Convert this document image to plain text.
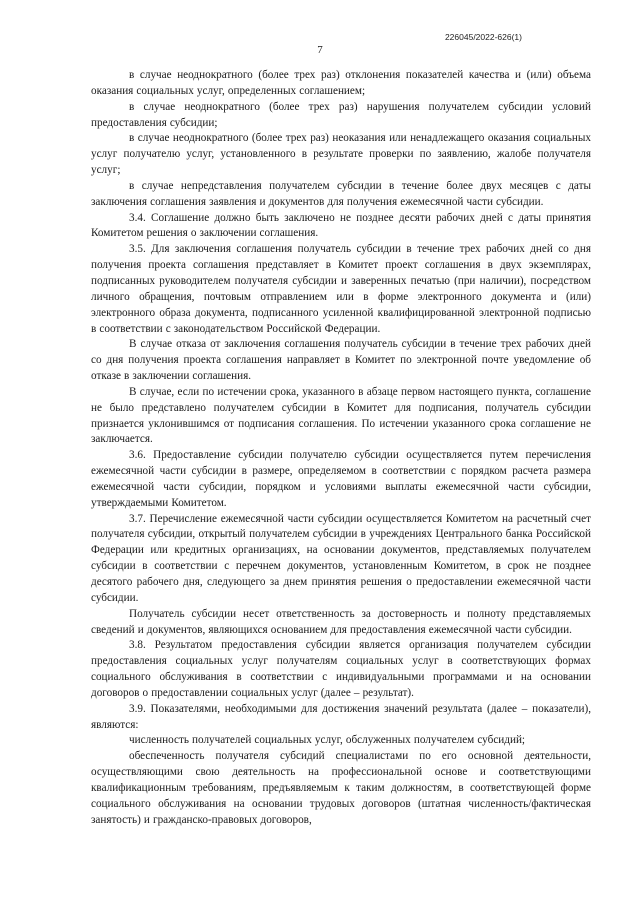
226045/2022-626(1)
7

в случае неоднократного (более трех раз) отклонения показателей качества и (или) объема оказания социальных услуг, определенных соглашением;

в случае неоднократного (более трех раз) нарушения получателем субсидии условий предоставления субсидии;

в случае неоднократного (более трех раз) неоказания или ненадлежащего оказания социальных услуг получателю услуг, установленного в результате проверки по заявлению, жалобе получателя услуг;

в случае непредставления получателем субсидии в течение более двух месяцев с даты заключения соглашения заявления и документов для получения ежемесячной части субсидии.

3.4. Соглашение должно быть заключено не позднее десяти рабочих дней с даты принятия Комитетом решения о заключении соглашения.

3.5. Для заключения соглашения получатель субсидии в течение трех рабочих дней со дня получения проекта соглашения представляет в Комитет проект соглашения в двух экземплярах, подписанных руководителем получателя субсидии и заверенных печатью (при наличии), посредством личного обращения, почтовым отправлением или в форме электронного документа и (или) электронного образа документа, подписанного усиленной квалифицированной электронной подписью в соответствии с законодательством Российской Федерации.

В случае отказа от заключения соглашения получатель субсидии в течение трех рабочих дней со дня получения проекта соглашения направляет в Комитет по электронной почте уведомление об отказе в заключении соглашения.

В случае, если по истечении срока, указанного в абзаце первом настоящего пункта, соглашение не было представлено получателем субсидии в Комитет для подписания, получатель субсидии признается уклонившимся от подписания соглашения. По истечении указанного срока соглашение не заключается.

3.6. Предоставление субсидии получателю субсидии осуществляется путем перечисления ежемесячной части субсидии в размере, определяемом в соответствии с порядком расчета размера ежемесячной части субсидии, порядком и условиями выплаты ежемесячной части субсидии, утверждаемыми Комитетом.

3.7. Перечисление ежемесячной части субсидии осуществляется Комитетом на расчетный счет получателя субсидии, открытый получателем субсидии в учреждениях Центрального банка Российской Федерации или кредитных организациях, на основании документов, представляемых получателем субсидии в соответствии с перечнем документов, установленным Комитетом, в срок не позднее десятого рабочего дня, следующего за днем принятия решения о предоставлении ежемесячной части субсидии.

Получатель субсидии несет ответственность за достоверность и полноту представляемых сведений и документов, являющихся основанием для предоставления ежемесячной части субсидии.

3.8. Результатом предоставления субсидии является организация получателем субсидии предоставления социальных услуг получателям социальных услуг в соответствующих формах социального обслуживания в соответствии с индивидуальными программами и на основании договоров о предоставлении социальных услуг (далее – результат).

3.9. Показателями, необходимыми для достижения значений результата (далее – показатели), являются:

численность получателей социальных услуг, обслуженных получателем субсидий;

обеспеченность получателя субсидий специалистами по его основной деятельности, осуществляющими свою деятельность на профессиональной основе и соответствующими квалификационным требованиям, предъявляемым к таким должностям, в соответствующей форме социального обслуживания на основании трудовых договоров (штатная численность/фактическая занятость) и гражданско-правовых договоров,
